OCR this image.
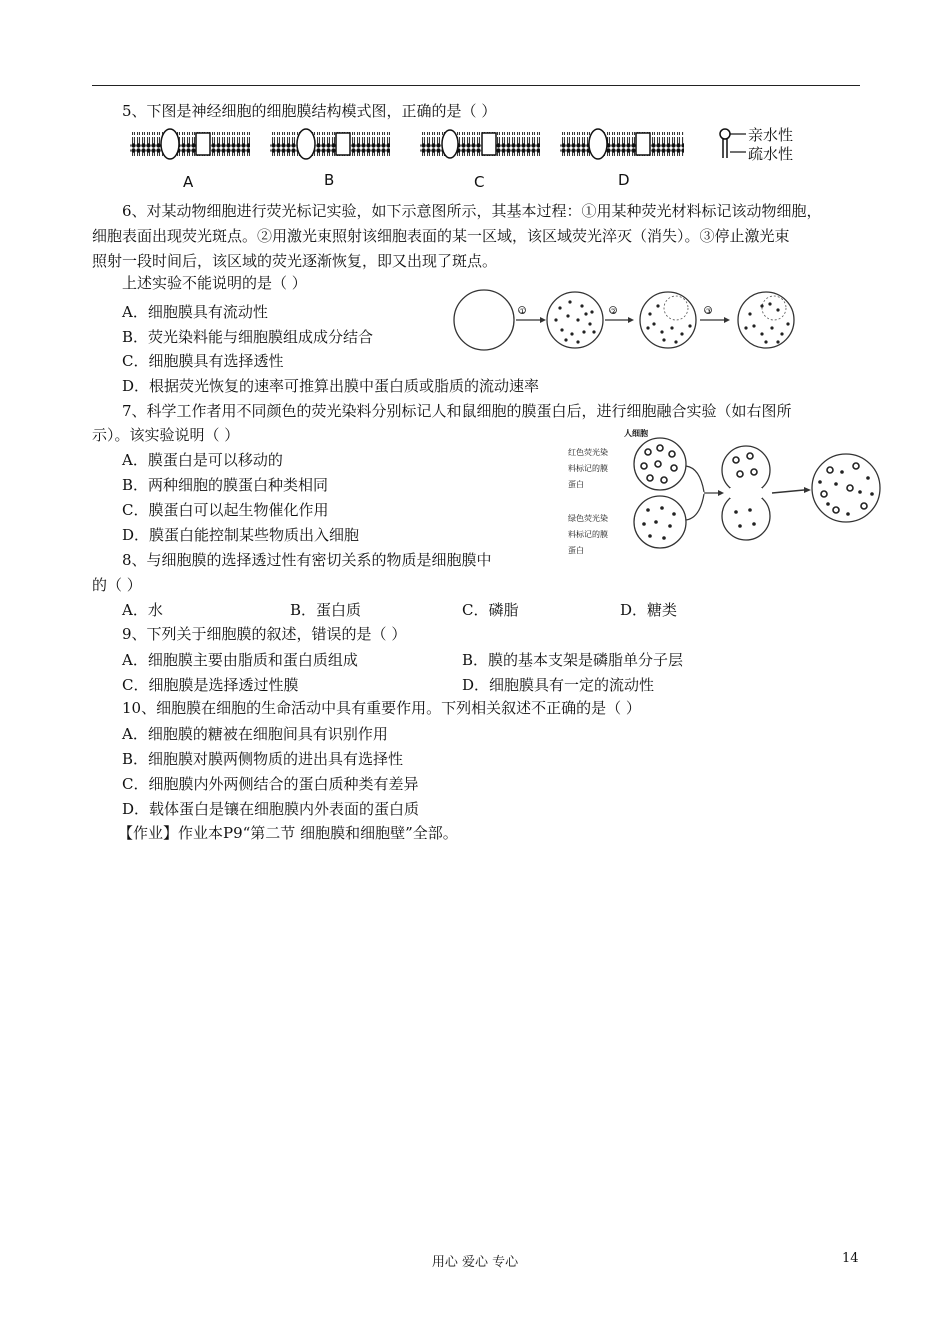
5、下图是神经细胞的细胞膜结构模式图，正确的是（ ）
亲水性
疏水性
A	B	C	D
6、对某动物细胞进行荧光标记实验，如下示意图所示，其基本过程：①用某种荧光材料标记该动物细胞，
细胞表面出现荧光斑点。②用激光束照射该细胞表面的某一区域，该区域荧光淬灭（消失）。③停止激光束
照射一段时间后，该区域的荧光逐渐恢复，即又出现了斑点。
上述实验不能说明的是（ ）
A．细胞膜具有流动性
B．荧光染料能与细胞膜组成成分结合
C．细胞膜具有选择透性
D．根据荧光恢复的速率可推算出膜中蛋白质或脂质的流动速率
①	②	③
7、科学工作者用不同颜色的荧光染料分别标记人和鼠细胞的膜蛋白后，进行细胞融合实验（如右图所
示）。该实验说明（ ）
A．膜蛋白是可以移动的
B．两种细胞的膜蛋白种类相同
C．膜蛋白可以起生物催化作用
D．膜蛋白能控制某些物质出入细胞
人细胞
红色荧光染
料标记的膜
蛋白
绿色荧光染
料标记的膜
蛋白
8、与细胞膜的选择透过性有密切关系的物质是细胞膜中
的（ ）
A．水	B．蛋白质	C．磷脂	D．糖类
9、下列关于细胞膜的叙述，错误的是（ ）
A．细胞膜主要由脂质和蛋白质组成	B．膜的基本支架是磷脂单分子层
C．细胞膜是选择透过性膜	D．细胞膜具有一定的流动性
10、细胞膜在细胞的生命活动中具有重要作用。下列相关叙述不正确的是（ ）
A．细胞膜的糖被在细胞间具有识别作用
B．细胞膜对膜两侧物质的进出具有选择性
C．细胞膜内外两侧结合的蛋白质种类有差异
D．载体蛋白是镶在细胞膜内外表面的蛋白质
【作业】作业本P9“第二节 细胞膜和细胞壁”全部。
用心 爱心 专心	14
